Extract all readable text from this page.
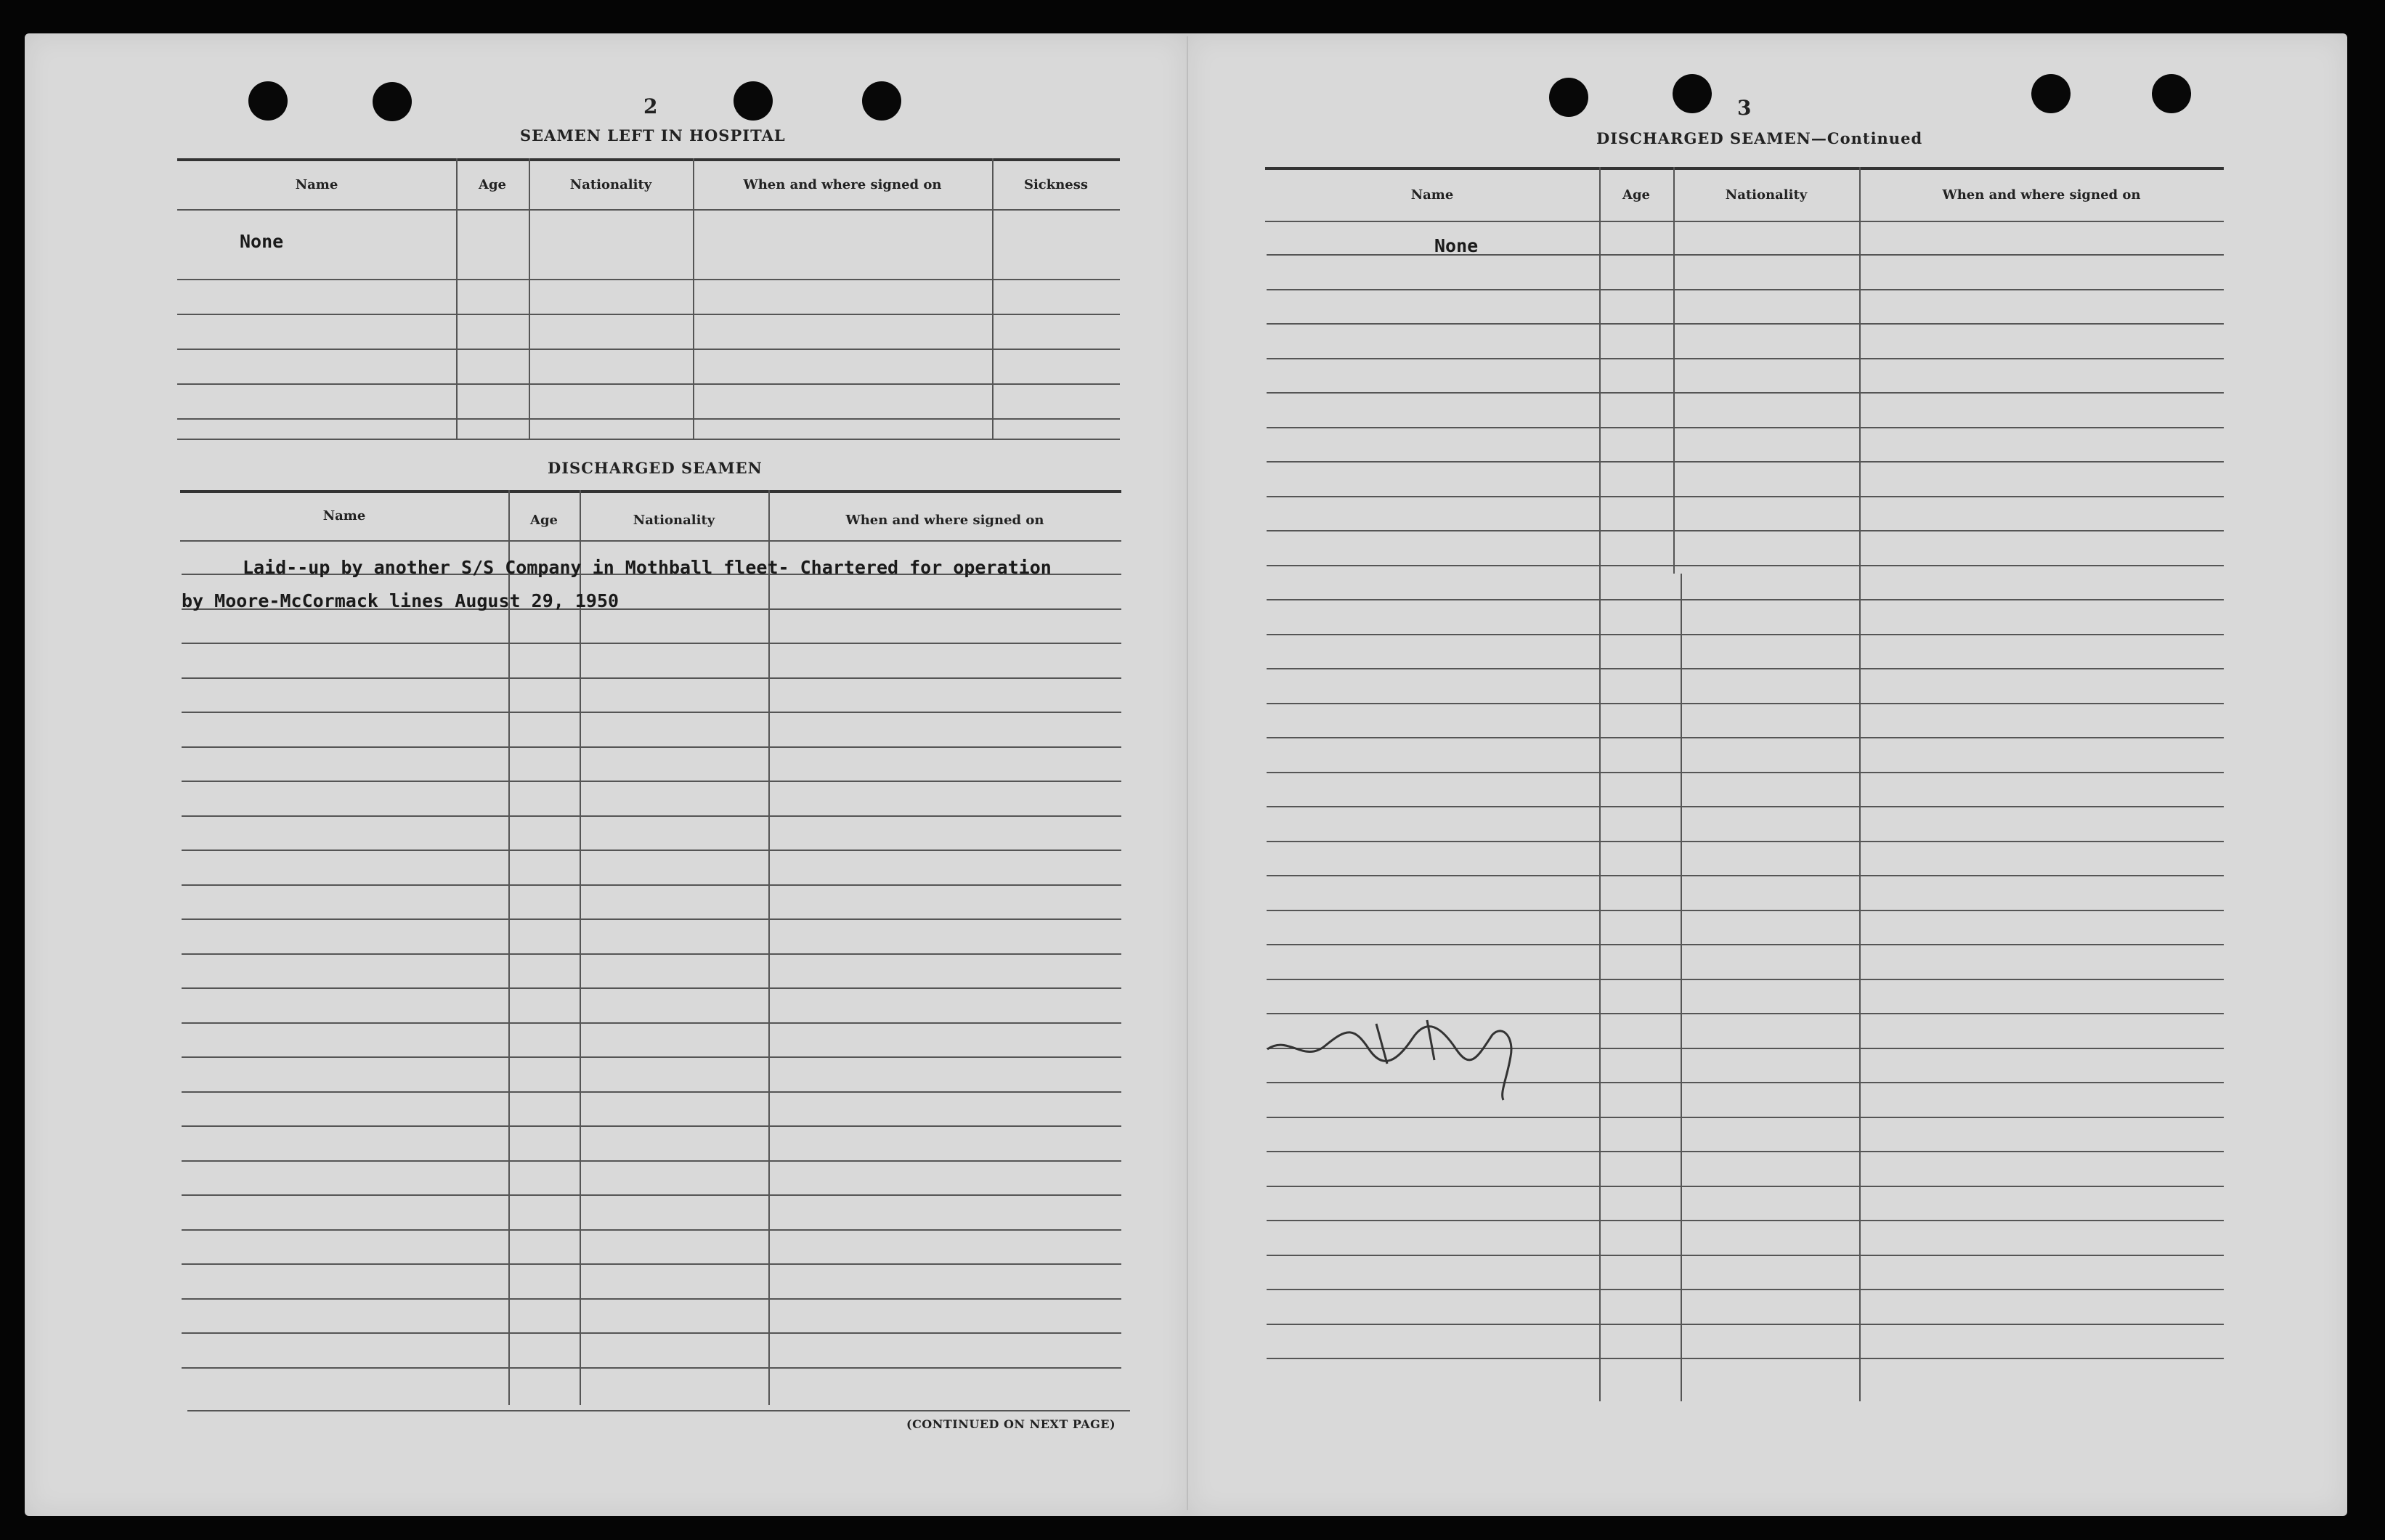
2
SEAMEN LEFT IN HOSPITAL
Name	Age	Nationality	When and where signed on	Sickness
None
DISCHARGED SEAMEN
Name	Age	Nationality	When and where signed on
Laid--up by another S/S Company in Mothball fleet- Chartered for operation
by Moore-McCormack lines August 29, 1950
(CONTINUED ON NEXT PAGE)
3
DISCHARGED SEAMEN—Continued
Name	Age	Nationality	When and where signed on
None
